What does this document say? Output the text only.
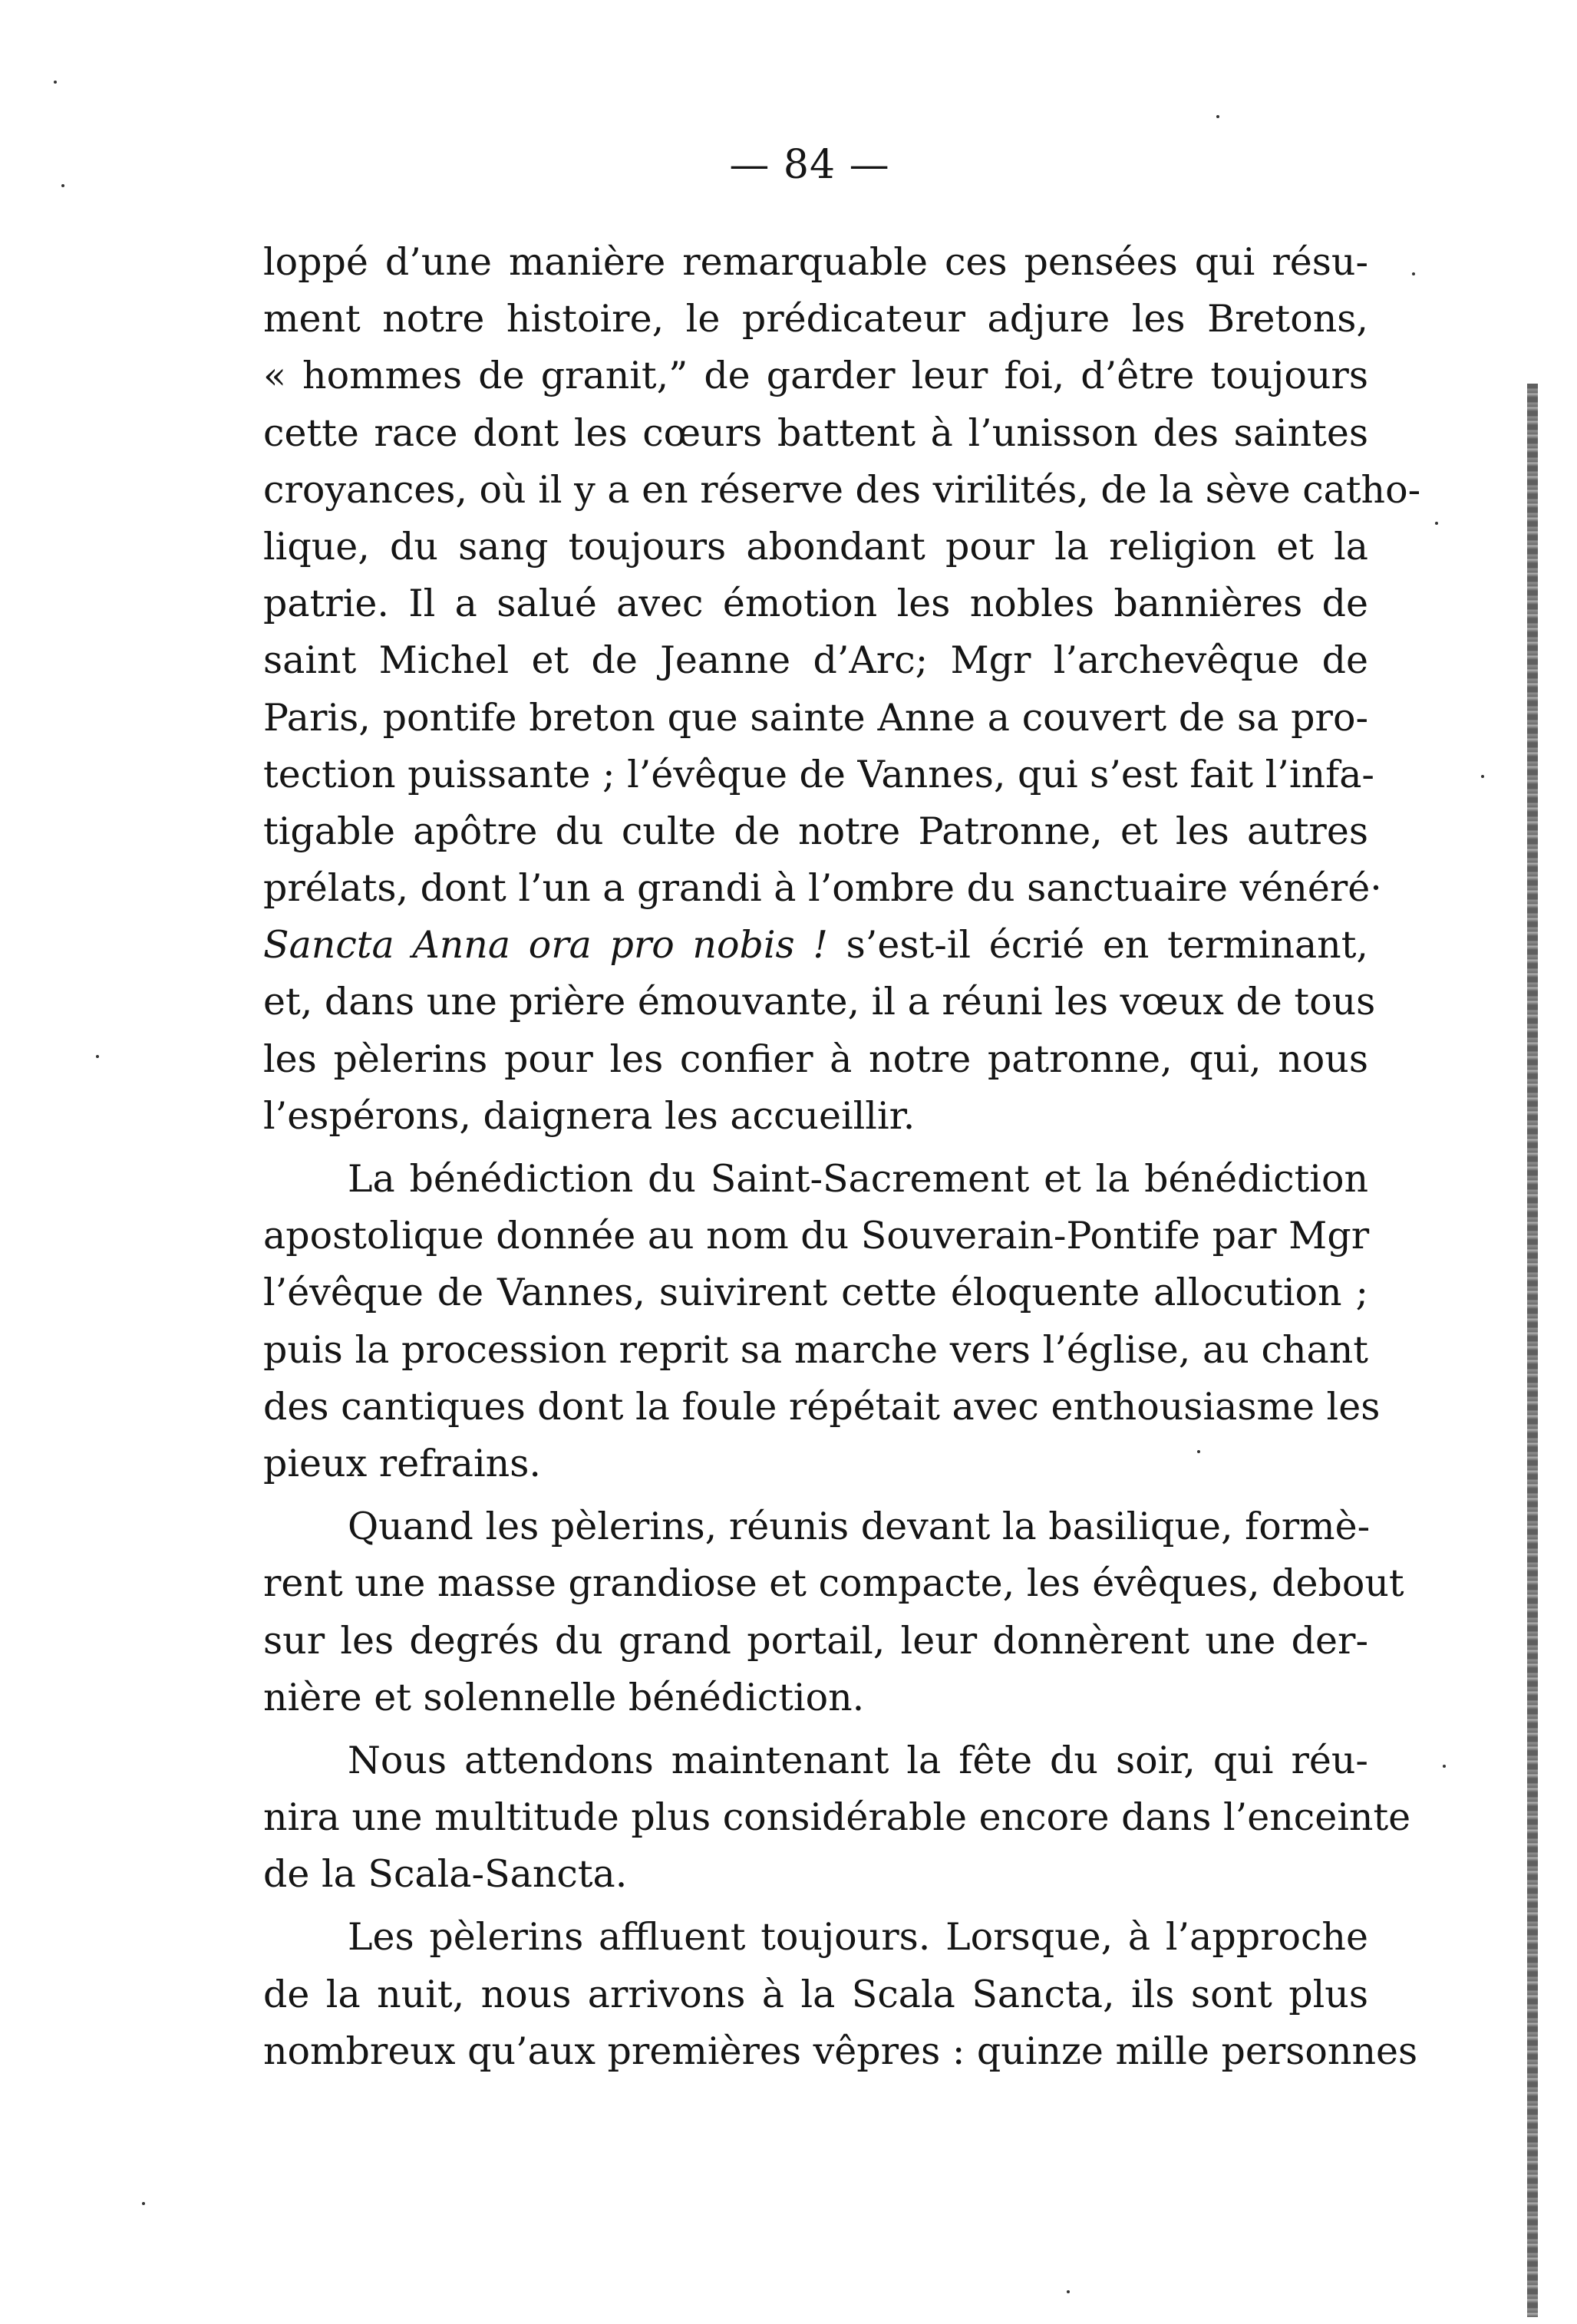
— 84 —
loppé d’une manière remarquable ces pensées qui résu-
ment notre histoire, le prédicateur adjure les Bretons,
« hommes de granit,” de garder leur foi, d’être toujours
cette race dont les cœurs battent à l’unisson des saintes
croyances, où il y a en réserve des virilités, de la sève catho-
lique, du sang toujours abondant pour la religion et la
patrie. Il a salué avec émotion les nobles bannières de
saint Michel et de Jeanne d’Arc; Mgr l’archevêque de
Paris, pontife breton que sainte Anne a couvert de sa pro-
tection puissante ; l’évêque de Vannes, qui s’est fait l’infa-
tigable apôtre du culte de notre Patronne, et les autres
prélats, dont l’un a grandi à l’ombre du sanctuaire vénéré·
Sancta Anna ora pro nobis ! s’est-il écrié en terminant,
et, dans une prière émouvante, il a réuni les vœux de tous
les pèlerins pour les confier à notre patronne, qui, nous
l’espérons, daignera les accueillir.
La bénédiction du Saint-Sacrement et la bénédiction
apostolique donnée au nom du Souverain-Pontife par Mgr
l’évêque de Vannes, suivirent cette éloquente allocution ;
puis la procession reprit sa marche vers l’église, au chant
des cantiques dont la foule répétait avec enthousiasme les
pieux refrains.
Quand les pèlerins, réunis devant la basilique, formè-
rent une masse grandiose et compacte, les évêques, debout
sur les degrés du grand portail, leur donnèrent une der-
nière et solennelle bénédiction.
Nous attendons maintenant la fête du soir, qui réu-
nira une multitude plus considérable encore dans l’enceinte
de la Scala-Sancta.
Les pèlerins affluent toujours. Lorsque, à l’approche
de la nuit, nous arrivons à la Scala Sancta, ils sont plus
nombreux qu’aux premières vêpres : quinze mille personnes
